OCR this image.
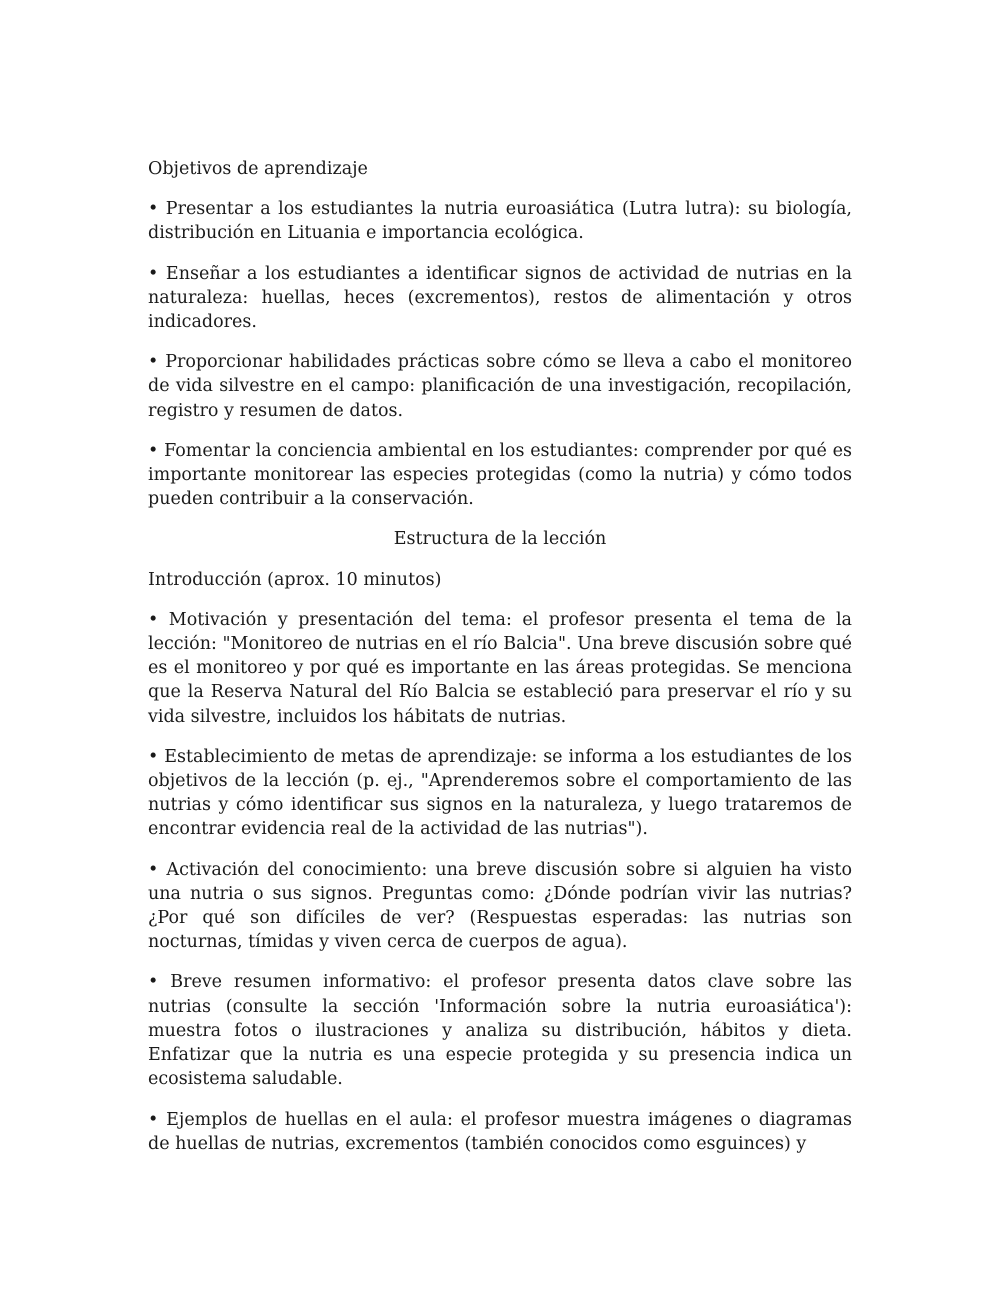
Objetivos de aprendizaje

• Presentar a los estudiantes la nutria euroasiática (Lutra lutra): su biología, distribución en Lituania e importancia ecológica.

• Enseñar a los estudiantes a identificar signos de actividad de nutrias en la naturaleza: huellas, heces (excrementos), restos de alimentación y otros indicadores.

• Proporcionar habilidades prácticas sobre cómo se lleva a cabo el monitoreo de vida silvestre en el campo: planificación de una investigación, recopilación, registro y resumen de datos.

• Fomentar la conciencia ambiental en los estudiantes: comprender por qué es importante monitorear las especies protegidas (como la nutria) y cómo todos pueden contribuir a la conservación.

Estructura de la lección

Introducción (aprox. 10 minutos)

• Motivación y presentación del tema: el profesor presenta el tema de la lección: "Monitoreo de nutrias en el río Balcia". Una breve discusión sobre qué es el monitoreo y por qué es importante en las áreas protegidas. Se menciona que la Reserva Natural del Río Balcia se estableció para preservar el río y su vida silvestre, incluidos los hábitats de nutrias.

• Establecimiento de metas de aprendizaje: se informa a los estudiantes de los objetivos de la lección (p. ej., "Aprenderemos sobre el comportamiento de las nutrias y cómo identificar sus signos en la naturaleza, y luego trataremos de encontrar evidencia real de la actividad de las nutrias").

• Activación del conocimiento: una breve discusión sobre si alguien ha visto una nutria o sus signos. Preguntas como: ¿Dónde podrían vivir las nutrias? ¿Por qué son difíciles de ver? (Respuestas esperadas: las nutrias son nocturnas, tímidas y viven cerca de cuerpos de agua).

• Breve resumen informativo: el profesor presenta datos clave sobre las nutrias (consulte la sección 'Información sobre la nutria euroasiática'): muestra fotos o ilustraciones y analiza su distribución, hábitos y dieta. Enfatizar que la nutria es una especie protegida y su presencia indica un ecosistema saludable.

• Ejemplos de huellas en el aula: el profesor muestra imágenes o diagramas de huellas de nutrias, excrementos (también conocidos como esguinces) y
